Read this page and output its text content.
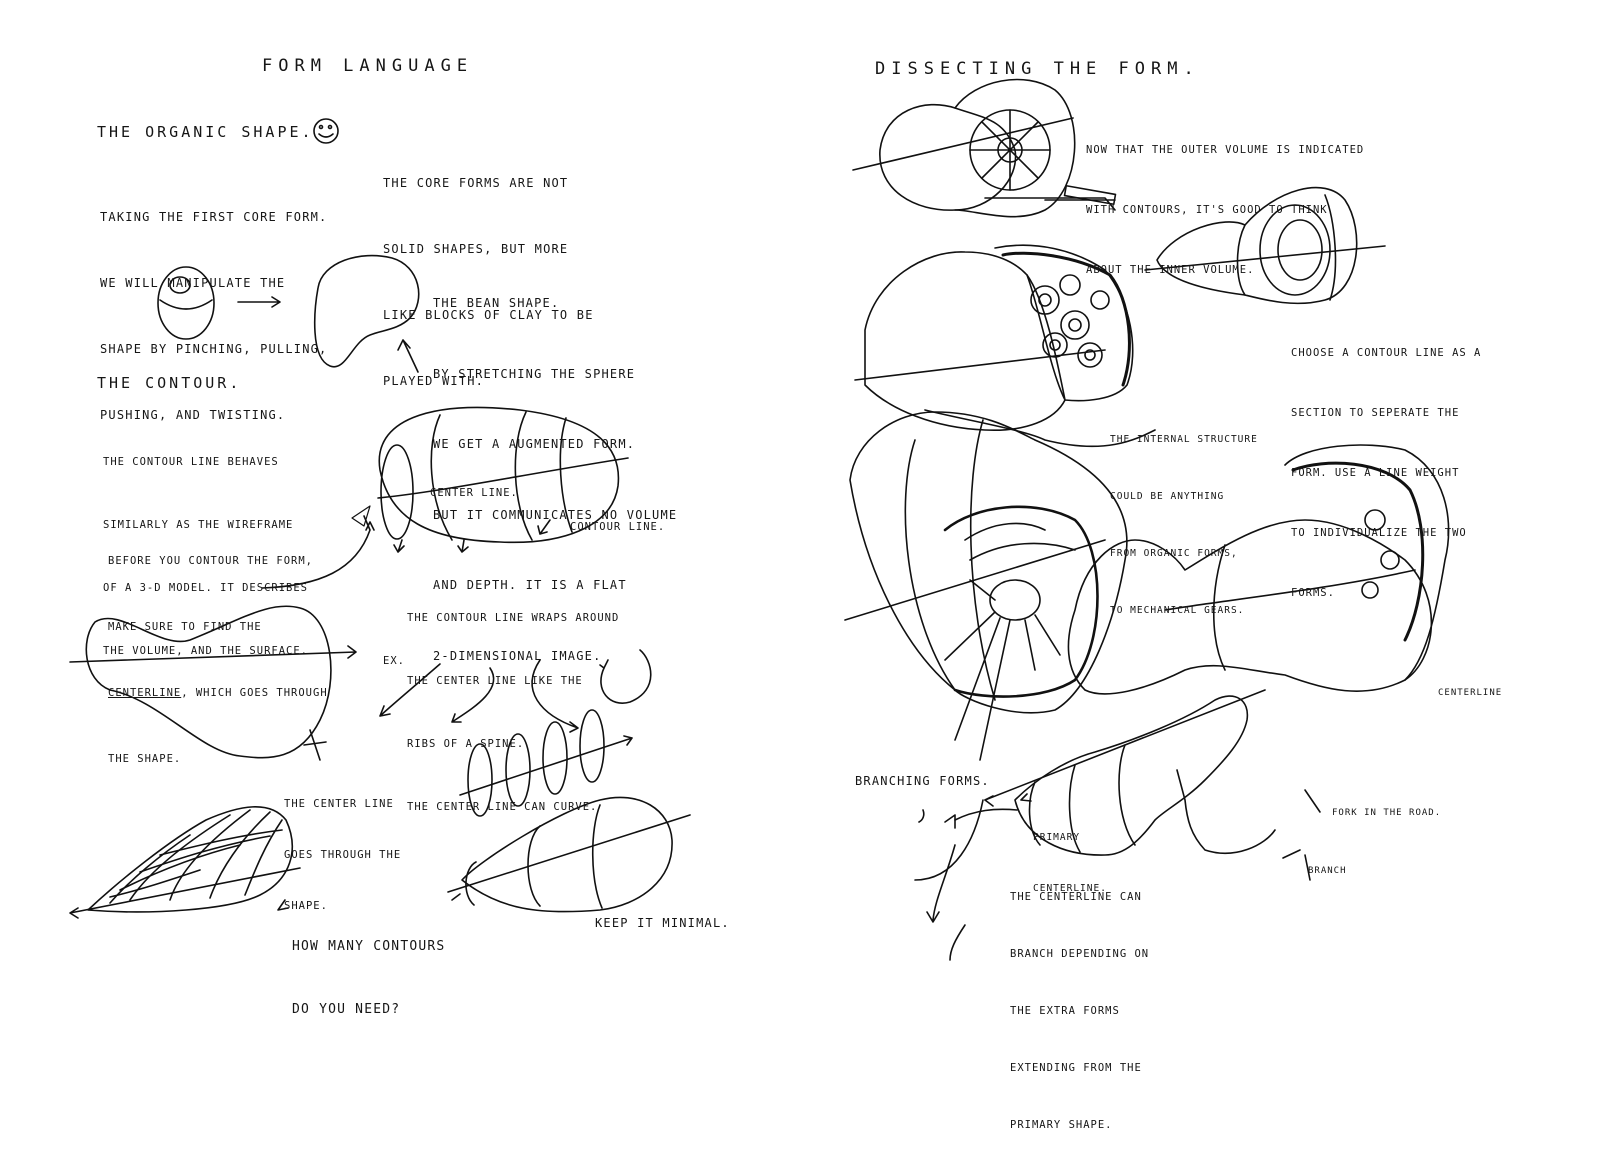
FORM LANGUAGE
THE ORGANIC SHAPE.

TAKING THE FIRST CORE FORM.

WE WILL MANIPULATE THE

SHAPE BY PINCHING, PULLING,

PUSHING, AND TWISTING.

THE CORE FORMS ARE NOT

SOLID SHAPES, BUT MORE

LIKE BLOCKS OF CLAY TO BE

PLAYED WITH.

THE BEAN SHAPE.

BY STRETCHING THE SPHERE

WE GET A AUGMENTED FORM.

BUT IT COMMUNICATES NO VOLUME

AND DEPTH. IT IS A FLAT

2-DIMENSIONAL IMAGE.

THE CONTOUR.

THE CONTOUR LINE BEHAVES

SIMILARLY AS THE WIREFRAME

OF A 3-D MODEL. IT DESCRIBES

THE VOLUME, AND THE SURFACE.

BEFORE YOU CONTOUR THE FORM,

MAKE SURE TO FIND THE

CENTERLINE, WHICH GOES THROUGH

THE SHAPE.

CENTER LINE.
CONTOUR LINE.

THE CONTOUR LINE WRAPS AROUND

THE CENTER LINE LIKE THE

RIBS OF A SPINE.

THE CENTER LINE CAN CURVE.

EX.

THE CENTER LINE

GOES THROUGH THE

SHAPE.

HOW MANY CONTOURS

DO YOU NEED?

KEEP IT MINIMAL.
DISSECTING THE FORM.

NOW THAT THE OUTER VOLUME IS INDICATED

WITH CONTOURS, IT'S GOOD TO THINK

ABOUT THE INNER VOLUME.

CHOOSE A CONTOUR LINE AS A

SECTION TO SEPERATE THE

FORM. USE A LINE WEIGHT

TO INDIVIDUALIZE THE TWO

FORMS.

THE INTERNAL STRUCTURE

COULD BE ANYTHING

FROM ORGANIC FORMS,

TO MECHANICAL GEARS.

BRANCHING FORMS.

PRIMARY

CENTERLINE.

THE CENTERLINE CAN

BRANCH DEPENDING ON

THE EXTRA FORMS

EXTENDING FROM THE

PRIMARY SHAPE.

CENTERLINE
FORK IN THE ROAD.
BRANCH
